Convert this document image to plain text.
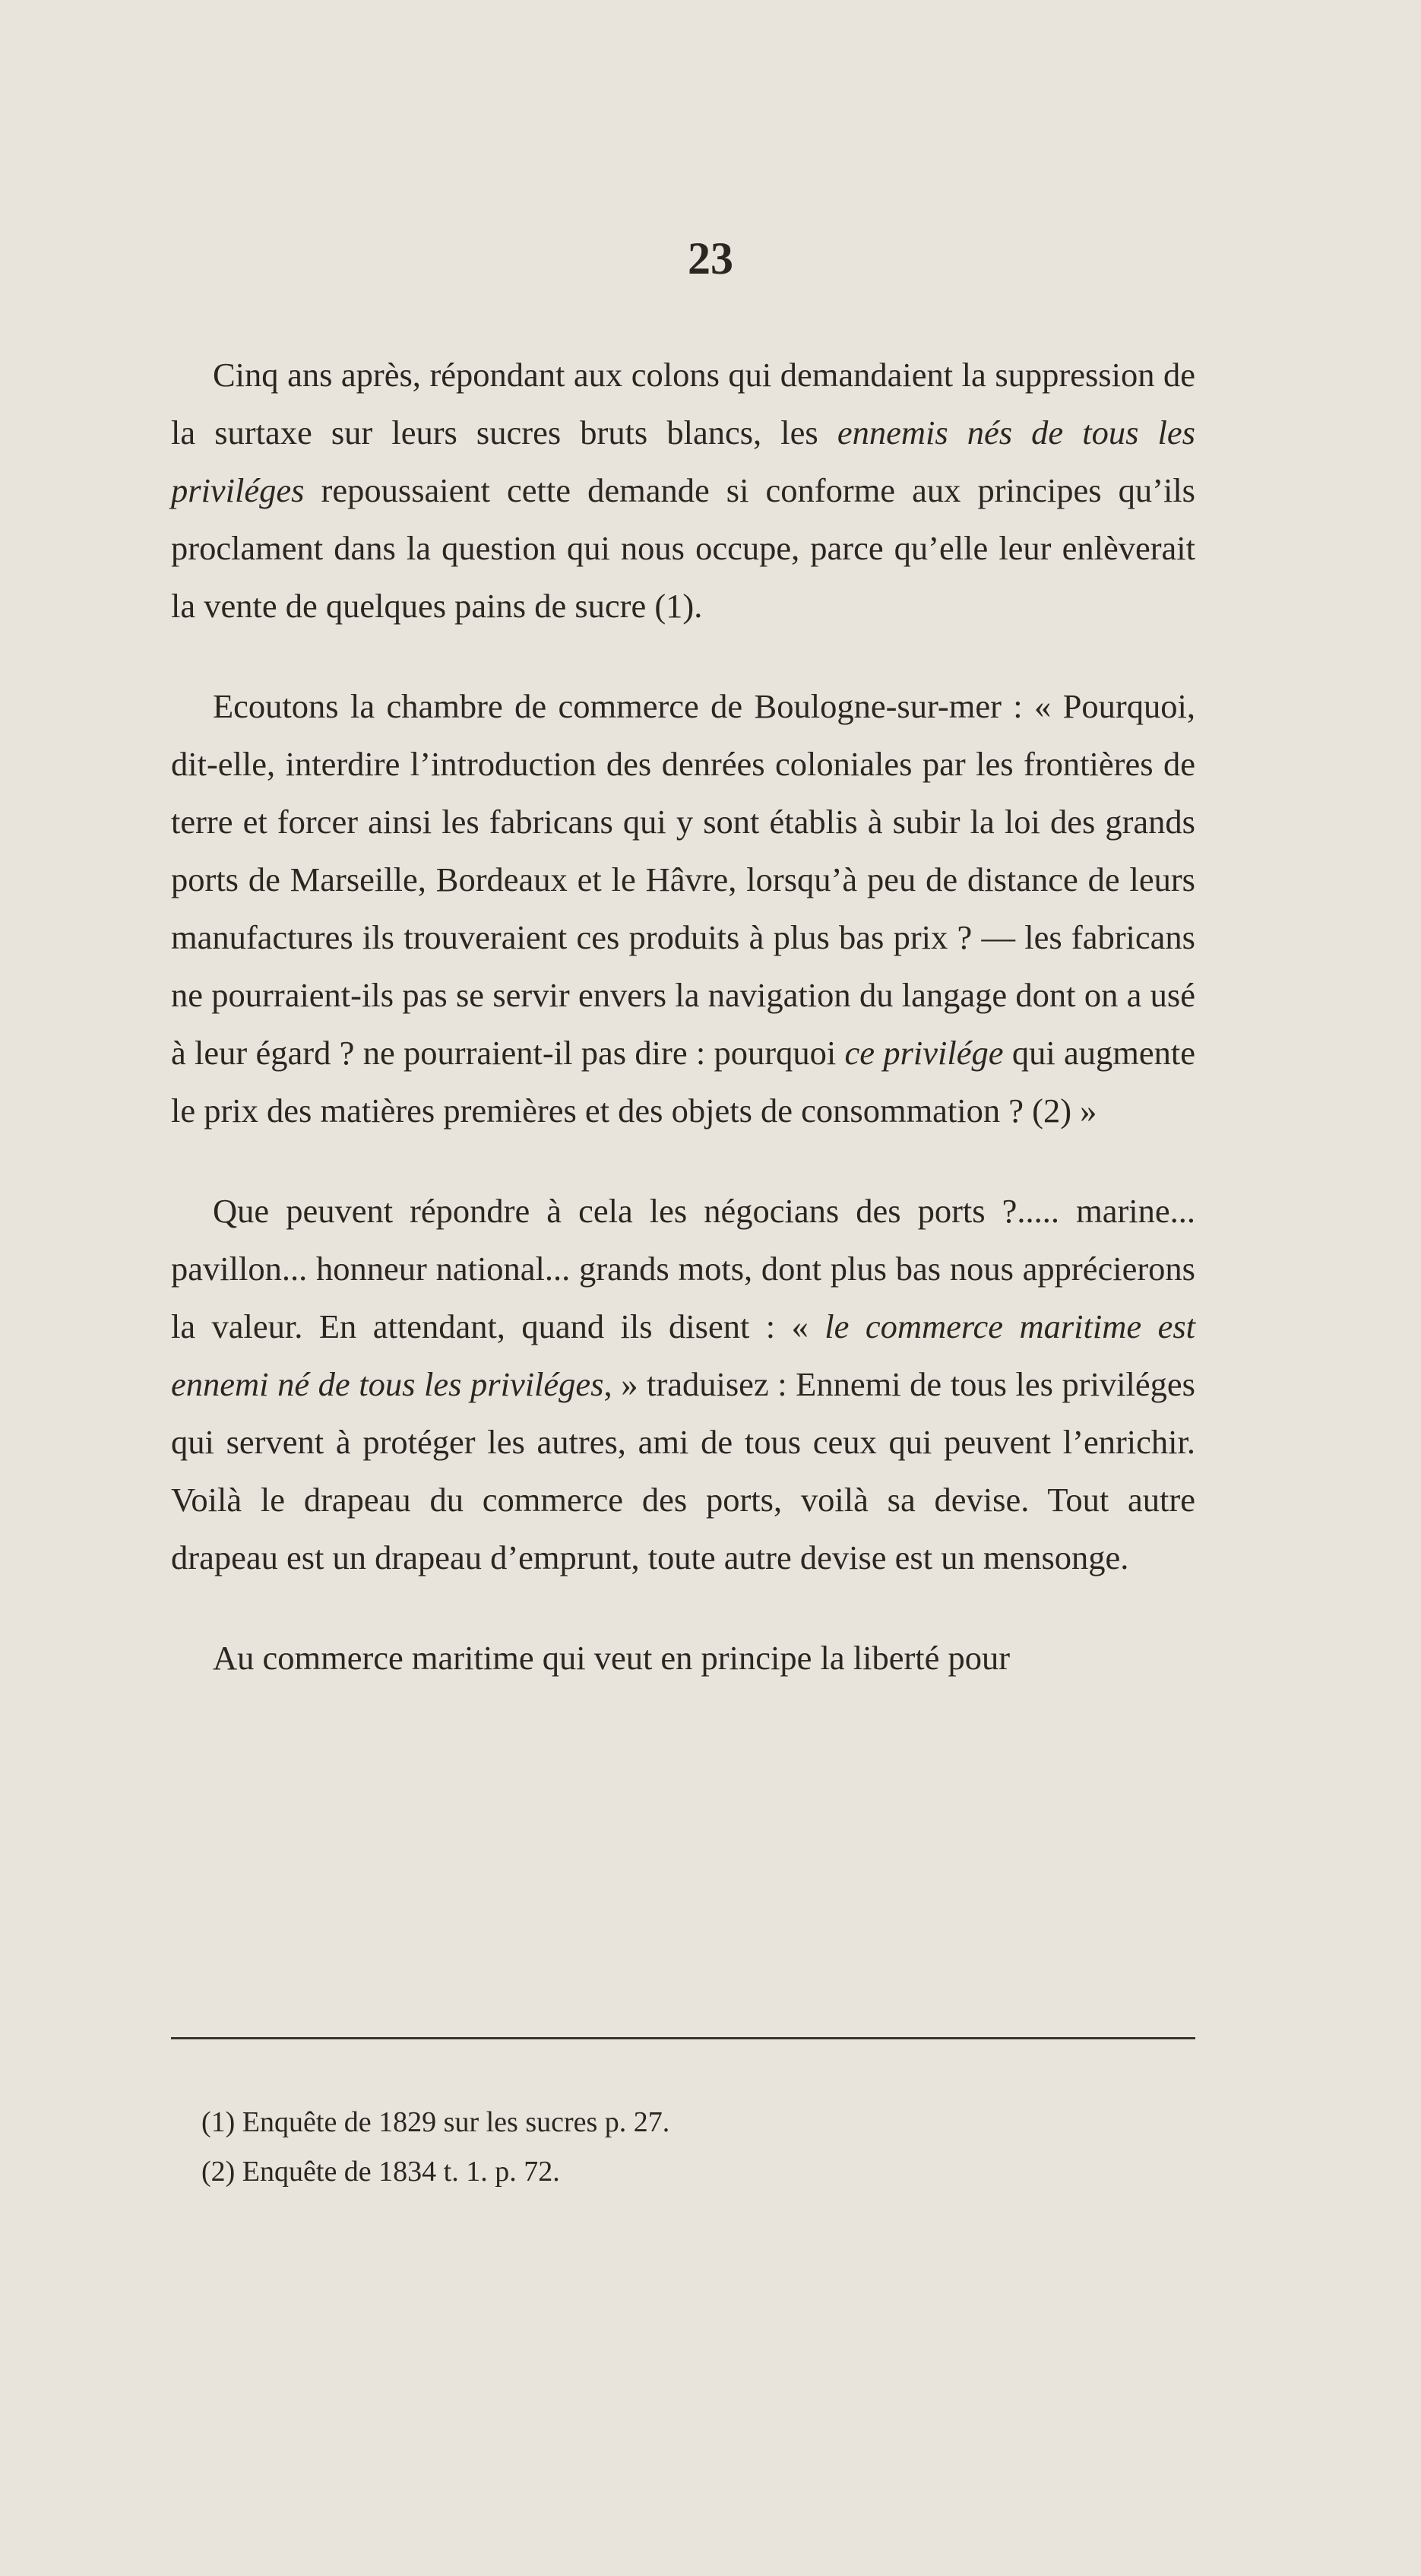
23

Cinq ans après, répondant aux colons qui demandaient la suppression de la surtaxe sur leurs sucres bruts blancs, les ennemis nés de tous les priviléges repoussaient cette demande si conforme aux principes qu’ils proclament dans la question qui nous occupe, parce qu’elle leur enlèverait la vente de quelques pains de sucre (1).

Ecoutons la chambre de commerce de Boulogne-sur-mer : « Pourquoi, dit-elle, interdire l’introduction des denrées coloniales par les frontières de terre et forcer ainsi les fabricans qui y sont établis à subir la loi des grands ports de Marseille, Bordeaux et le Hâvre, lorsqu’à peu de distance de leurs manufactures ils trouveraient ces produits à plus bas prix ? — les fabricans ne pourraient-ils pas se servir envers la navigation du langage dont on a usé à leur égard ? ne pourraient-il pas dire : pourquoi ce privilége qui augmente le prix des matières premières et des objets de consommation ? (2) »

Que peuvent répondre à cela les négocians des ports ?..... marine... pavillon... honneur national... grands mots, dont plus bas nous apprécierons la valeur. En attendant, quand ils disent : « le commerce maritime est ennemi né de tous les priviléges, » traduisez : Ennemi de tous les priviléges qui servent à protéger les autres, ami de tous ceux qui peuvent l’enrichir. Voilà le drapeau du commerce des ports, voilà sa devise. Tout autre drapeau est un drapeau d’emprunt, toute autre devise est un mensonge.

Au commerce maritime qui veut en principe la liberté pour

(1) Enquête de 1829 sur les sucres p. 27.
(2) Enquête de 1834 t. 1. p. 72.
